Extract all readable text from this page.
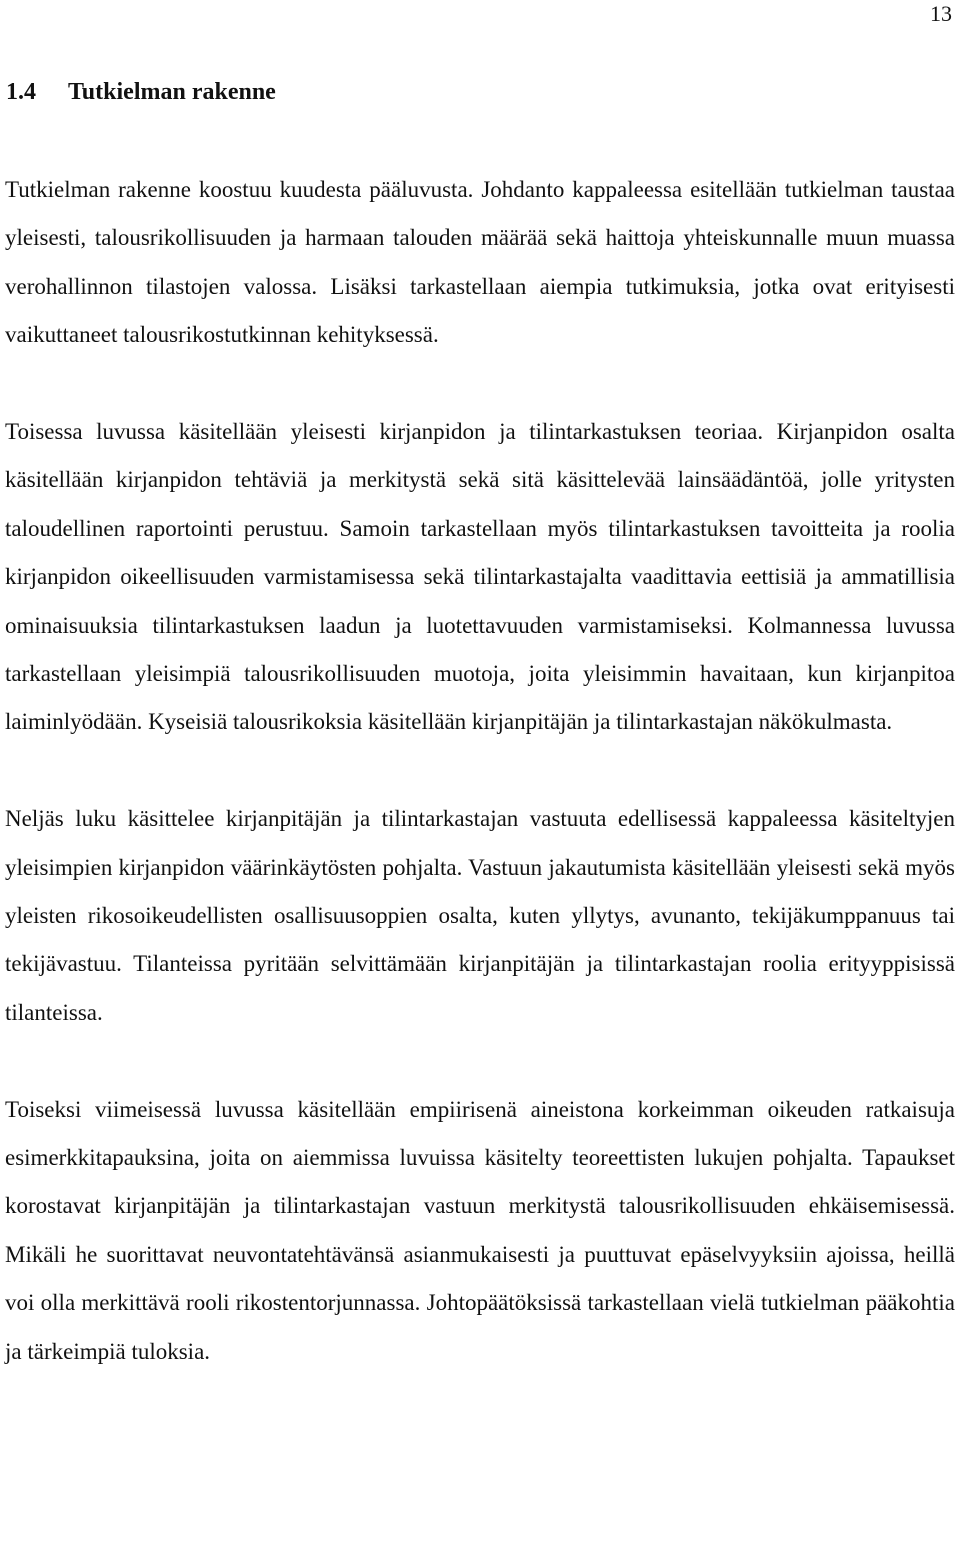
13
1.4 Tutkielman rakenne

Tutkielman rakenne koostuu kuudesta pääluvusta. Johdanto kappaleessa esitellään tutkielman taustaa yleisesti, talousrikollisuuden ja harmaan talouden määrää sekä haittoja yhteiskunnalle muun muassa verohallinnon tilastojen valossa. Lisäksi tarkastellaan aiempia tutkimuksia, jotka ovat erityisesti vaikuttaneet talousrikostutkinnan kehityksessä.

Toisessa luvussa käsitellään yleisesti kirjanpidon ja tilintarkastuksen teoriaa. Kirjanpidon osalta käsitellään kirjanpidon tehtäviä ja merkitystä sekä sitä käsittelevää lainsäädäntöä, jolle yritysten taloudellinen raportointi perustuu. Samoin tarkastellaan myös tilintarkastuksen tavoitteita ja roolia kirjanpidon oikeellisuuden varmistamisessa sekä tilintarkastajalta vaadittavia eettisiä ja ammatillisia ominaisuuksia tilintarkastuksen laadun ja luotettavuuden varmistamiseksi. Kolmannessa luvussa tarkastellaan yleisimpiä talousrikollisuuden muotoja, joita yleisimmin havaitaan, kun kirjanpitoa laiminlyödään. Kyseisiä talousrikoksia käsitellään kirjanpitäjän ja tilintarkastajan näkökulmasta.

Neljäs luku käsittelee kirjanpitäjän ja tilintarkastajan vastuuta edellisessä kappaleessa käsiteltyjen yleisimpien kirjanpidon väärinkäytösten pohjalta. Vastuun jakautumista käsitellään yleisesti sekä myös yleisten rikosoikeudellisten osallisuusoppien osalta, kuten yllytys, avunanto, tekijäkumppanuus tai tekijävastuu. Tilanteissa pyritään selvittämään kirjanpitäjän ja tilintarkastajan roolia erityyppisissä tilanteissa.

Toiseksi viimeisessä luvussa käsitellään empiirisenä aineistona korkeimman oikeuden ratkaisuja esimerkkitapauksina, joita on aiemmissa luvuissa käsitelty teoreettisten lukujen pohjalta. Tapaukset korostavat kirjanpitäjän ja tilintarkastajan vastuun merkitystä talousrikollisuuden ehkäisemisessä. Mikäli he suorittavat neuvontatehtävänsä asianmukaisesti ja puuttuvat epäselvyyksiin ajoissa, heillä voi olla merkittävä rooli rikostentorjunnassa. Johtopäätöksissä tarkastellaan vielä tutkielman pääkohtia ja tärkeimpiä tuloksia.
